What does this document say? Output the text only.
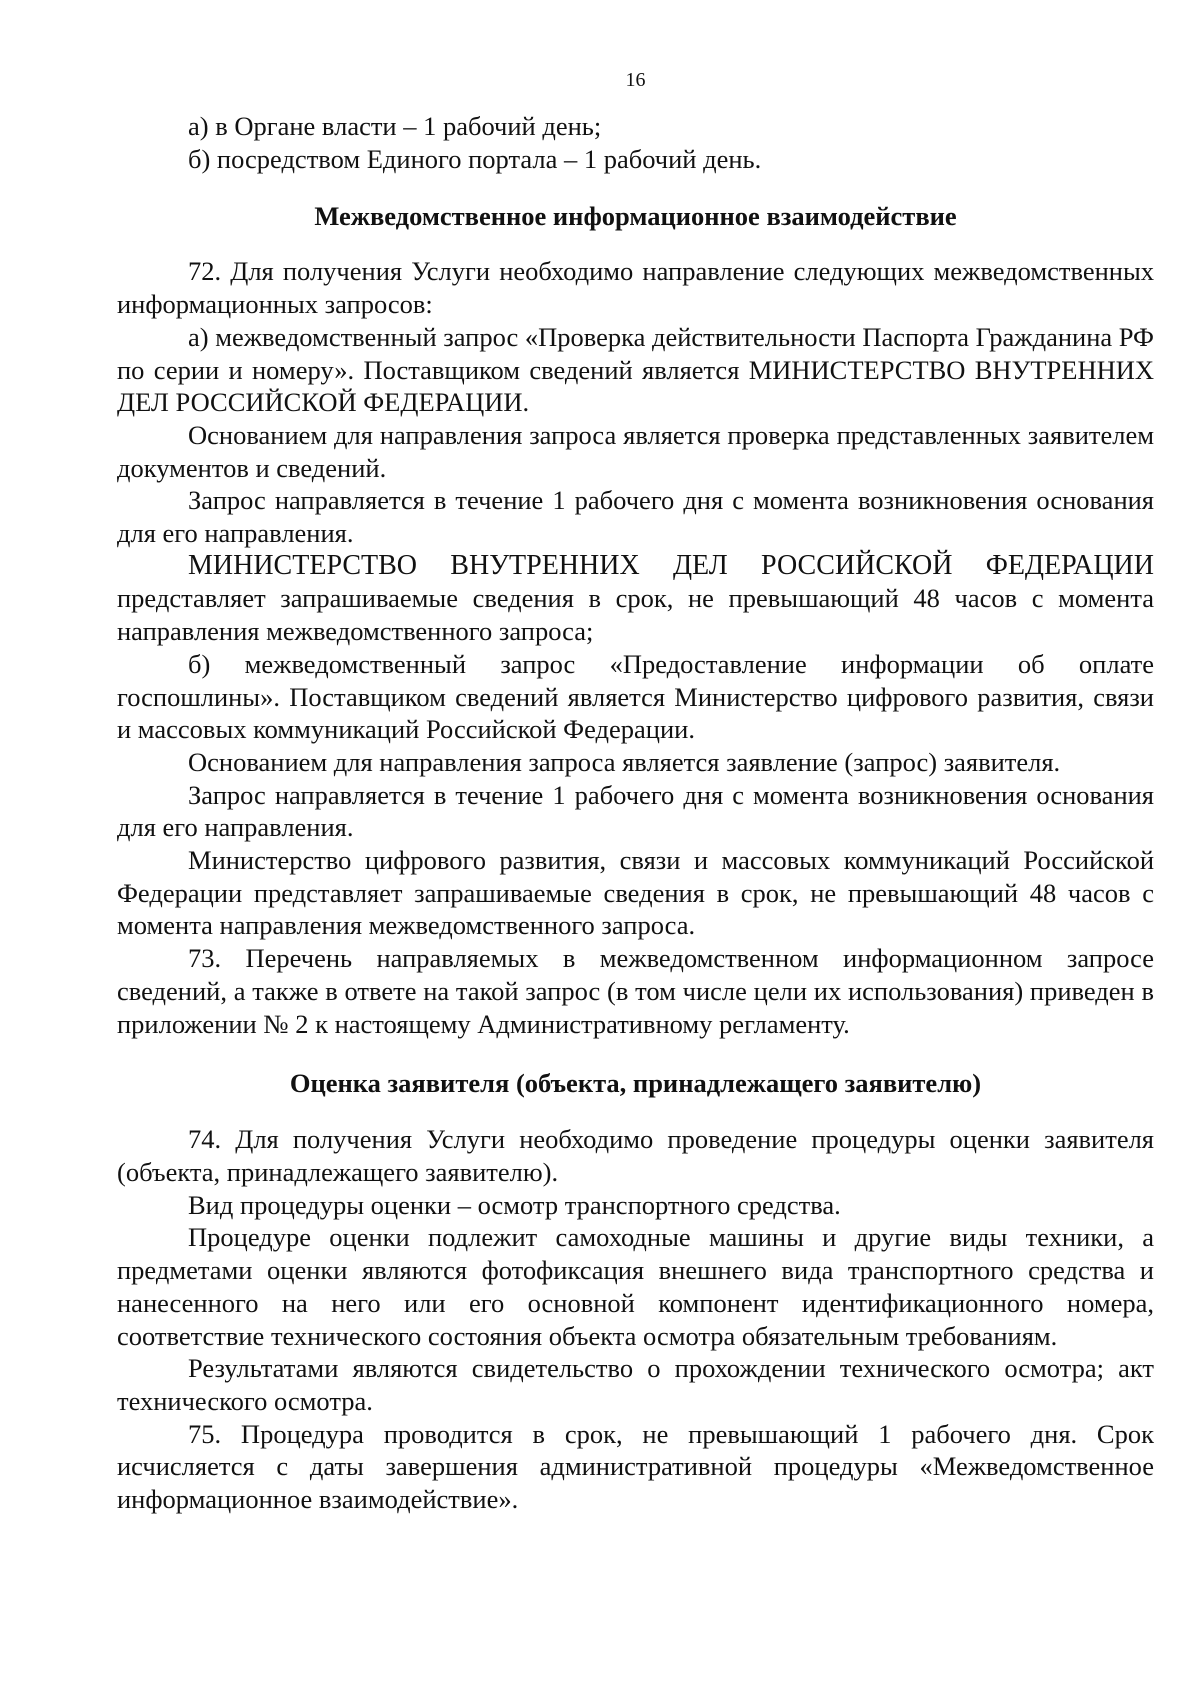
16

а) в Органе власти – 1 рабочий день;

б) посредством Единого портала – 1 рабочий день.

Межведомственное информационное взаимодействие

72. Для получения Услуги необходимо направление следующих межведомственных информационных запросов:

а) межведомственный запрос «Проверка действительности Паспорта Гражданина РФ по серии и номеру». Поставщиком сведений является МИНИСТЕРСТВО ВНУТРЕННИХ ДЕЛ РОССИЙСКОЙ ФЕДЕРАЦИИ.

Основанием для направления запроса является проверка представленных заявителем документов и сведений.

Запрос направляется в течение 1 рабочего дня с момента возникновения основания для его направления.

МИНИСТЕРСТВО ВНУТРЕННИХ ДЕЛ РОССИЙСКОЙ ФЕДЕРАЦИИ

представляет запрашиваемые сведения в срок, не превышающий 48 часов с момента направления межведомственного запроса;

б) межведомственный запрос «Предоставление информации об оплате госпошлины». Поставщиком сведений является Министерство цифрового развития, связи и массовых коммуникаций Российской Федерации.

Основанием для направления запроса является заявление (запрос) заявителя.

Запрос направляется в течение 1 рабочего дня с момента возникновения основания для его направления.

Министерство цифрового развития, связи и массовых коммуникаций Российской Федерации представляет запрашиваемые сведения в срок, не превышающий 48 часов с момента направления межведомственного запроса.

73. Перечень направляемых в межведомственном информационном запросе сведений, а также в ответе на такой запрос (в том числе цели их использования) приведен в приложении № 2 к настоящему Административному регламенту.

Оценка заявителя (объекта, принадлежащего заявителю)

74. Для получения Услуги необходимо проведение процедуры оценки заявителя (объекта, принадлежащего заявителю).

Вид процедуры оценки – осмотр транспортного средства.

Процедуре оценки подлежит самоходные машины и другие виды техники, а предметами оценки являются фотофиксация внешнего вида транспортного средства и нанесенного на него или его основной компонент идентификационного номера, соответствие технического состояния объекта осмотра обязательным требованиям.

Результатами являются свидетельство о прохождении технического осмотра; акт технического осмотра.

75. Процедура проводится в срок, не превышающий 1 рабочего дня. Срок исчисляется с даты завершения административной процедуры «Межведомственное информационное взаимодействие».
